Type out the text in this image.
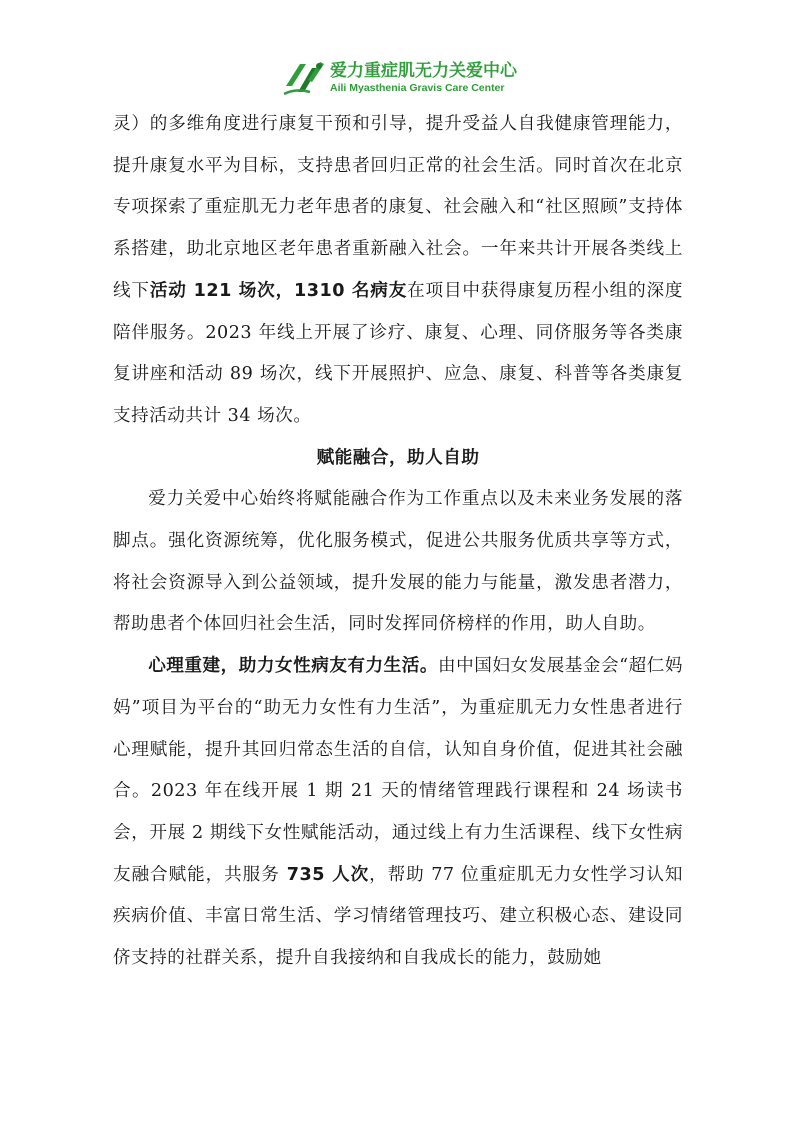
爱力重症肌无力关爱中心
Aili Myasthenia Gravis Care Center

灵）的多维角度进行康复干预和引导，提升受益人自我健康管理能力，提升康复水平为目标，支持患者回归正常的社会生活。同时首次在北京专项探索了重症肌无力老年患者的康复、社会融入和“社区照顾”支持体系搭建，助北京地区老年患者重新融入社会。一年来共计开展各类线上线下活动 121 场次，1310 名病友在项目中获得康复历程小组的深度陪伴服务。2023 年线上开展了诊疗、康复、心理、同侪服务等各类康复讲座和活动 89 场次，线下开展照护、应急、康复、科普等各类康复支持活动共计 34 场次。

赋能融合，助人自助

爱力关爱中心始终将赋能融合作为工作重点以及未来业务发展的落脚点。强化资源统筹，优化服务模式，促进公共服务优质共享等方式，将社会资源导入到公益领域，提升发展的能力与能量，激发患者潜力，帮助患者个体回归社会生活，同时发挥同侪榜样的作用，助人自助。

心理重建，助力女性病友有力生活。由中国妇女发展基金会“超仁妈妈”项目为平台的“助无力女性有力生活”，为重症肌无力女性患者进行心理赋能，提升其回归常态生活的自信，认知自身价值，促进其社会融合。2023 年在线开展 1 期 21 天的情绪管理践行课程和 24 场读书会，开展 2 期线下女性赋能活动，通过线上有力生活课程、线下女性病友融合赋能，共服务 735 人次，帮助 77 位重症肌无力女性学习认知疾病价值、丰富日常生活、学习情绪管理技巧、建立积极心态、建设同侪支持的社群关系，提升自我接纳和自我成长的能力，鼓励她
